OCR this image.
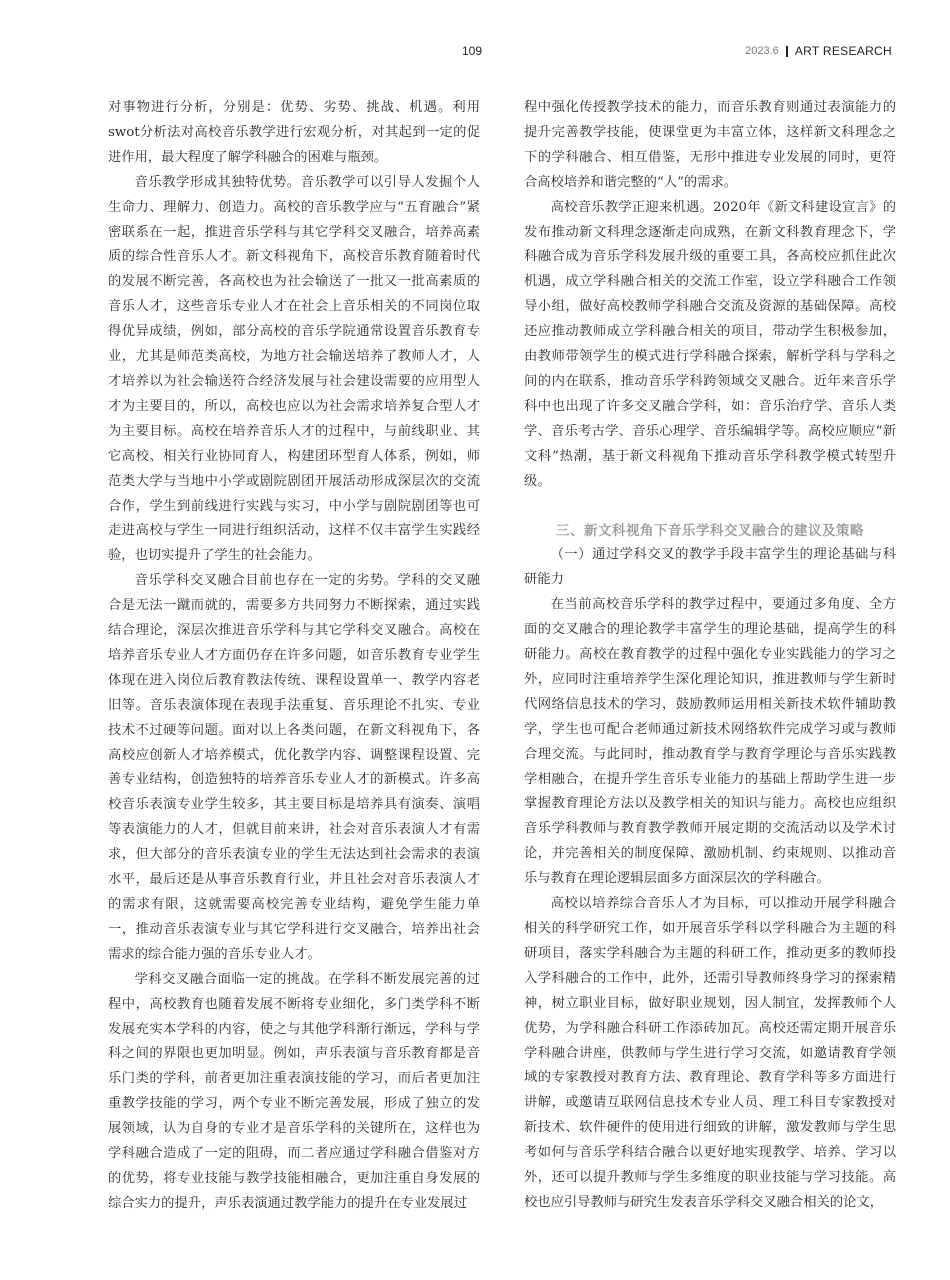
109	2023.6 ART RESEARCH

对事物进行分析，分别是：优势、劣势、挑战、机遇。利用swot分析法对高校音乐教学进行宏观分析，对其起到一定的促进作用，最大程度了解学科融合的困难与瓶颈。

音乐教学形成其独特优势。音乐教学可以引导人发掘个人生命力、理解力、创造力。高校的音乐教学应与“五育融合”紧密联系在一起，推进音乐学科与其它学科交叉融合，培养高素质的综合性音乐人才。新文科视角下，高校音乐教育随着时代的发展不断完善，各高校也为社会输送了一批又一批高素质的音乐人才，这些音乐专业人才在社会上音乐相关的不同岗位取得优异成绩，例如，部分高校的音乐学院通常设置音乐教育专业，尤其是师范类高校，为地方社会输送培养了教师人才，人才培养以为社会输送符合经济发展与社会建设需要的应用型人才为主要目的，所以，高校也应以为社会需求培养复合型人才为主要目标。高校在培养音乐人才的过程中，与前线职业、其它高校、相关行业协同育人，构建团环型育人体系，例如，师范类大学与当地中小学或剧院剧团开展活动形成深层次的交流合作，学生到前线进行实践与实习，中小学与剧院剧团等也可走进高校与学生一同进行组织活动，这样不仅丰富学生实践经验，也切实提升了学生的社会能力。

音乐学科交叉融合目前也存在一定的劣势。学科的交叉融合是无法一蹴而就的，需要多方共同努力不断探索，通过实践结合理论，深层次推进音乐学科与其它学科交叉融合。高校在培养音乐专业人才方面仍存在许多问题，如音乐教育专业学生体现在进入岗位后教育教法传统、课程设置单一、教学内容老旧等。音乐表演体现在表现手法重复、音乐理论不扎实、专业技术不过硬等问题。面对以上各类问题，在新文科视角下，各高校应创新人才培养模式，优化教学内容、调整课程设置、完善专业结构，创造独特的培养音乐专业人才的新模式。许多高校音乐表演专业学生较多，其主要目标是培养具有演奏、演唱等表演能力的人才，但就目前来讲，社会对音乐表演人才有需求，但大部分的音乐表演专业的学生无法达到社会需求的表演水平，最后还是从事音乐教育行业，并且社会对音乐表演人才的需求有限，这就需要高校完善专业结构，避免学生能力单一，推动音乐表演专业与其它学科进行交叉融合，培养出社会需求的综合能力强的音乐专业人才。

学科交叉融合面临一定的挑战。在学科不断发展完善的过程中，高校教育也随着发展不断将专业细化，多门类学科不断发展充实本学科的内容，使之与其他学科渐行渐远，学科与学科之间的界限也更加明显。例如，声乐表演与音乐教育都是音乐门类的学科，前者更加注重表演技能的学习，而后者更加注重教学技能的学习，两个专业不断完善发展，形成了独立的发展领域，认为自身的专业才是音乐学科的关键所在，这样也为学科融合造成了一定的阻碍，而二者应通过学科融合借鉴对方的优势，将专业技能与教学技能相融合，更加注重自身发展的综合实力的提升，声乐表演通过教学能力的提升在专业发展过

程中强化传授教学技术的能力，而音乐教育则通过表演能力的提升完善教学技能，使课堂更为丰富立体，这样新文科理念之下的学科融合、相互借鉴，无形中推进专业发展的同时，更符合高校培养和谐完整的“人”的需求。

高校音乐教学正迎来机遇。2020年《新文科建设宣言》的发布推动新文科理念逐渐走向成熟，在新文科教育理念下，学科融合成为音乐学科发展升级的重要工具，各高校应抓住此次机遇，成立学科融合相关的交流工作室，设立学科融合工作领导小组，做好高校教师学科融合交流及资源的基础保障。高校还应推动教师成立学科融合相关的项目，带动学生积极参加，由教师带领学生的模式进行学科融合探索，解析学科与学科之间的内在联系，推动音乐学科跨领域交叉融合。近年来音乐学科中也出现了许多交叉融合学科，如：音乐治疗学、音乐人类学、音乐考古学、音乐心理学、音乐编辑学等。高校应顺应“新文科”热潮，基于新文科视角下推动音乐学科教学模式转型升级。

三、新文科视角下音乐学科交叉融合的建议及策略

（一）通过学科交叉的教学手段丰富学生的理论基础与科研能力

在当前高校音乐学科的教学过程中，要通过多角度、全方面的交叉融合的理论教学丰富学生的理论基础，提高学生的科研能力。高校在教育教学的过程中强化专业实践能力的学习之外，应同时注重培养学生深化理论知识，推进教师与学生新时代网络信息技术的学习，鼓励教师运用相关新技术软件辅助教学，学生也可配合老师通过新技术网络软件完成学习或与教师合理交流。与此同时，推动教育学与教育学理论与音乐实践教学相融合，在提升学生音乐专业能力的基础上帮助学生进一步掌握教育理论方法以及教学相关的知识与能力。高校也应组织音乐学科教师与教育教学教师开展定期的交流活动以及学术讨论，并完善相关的制度保障、激励机制、约束规则、以推动音乐与教育在理论逻辑层面多方面深层次的学科融合。

高校以培养综合音乐人才为目标，可以推动开展学科融合相关的科学研究工作，如开展音乐学科以学科融合为主题的科研项目，落实学科融合为主题的科研工作，推动更多的教师投入学科融合的工作中，此外，还需引导教师终身学习的探索精神，树立职业目标，做好职业规划，因人制宜，发挥教师个人优势，为学科融合科研工作添砖加瓦。高校还需定期开展音乐学科融合讲座，供教师与学生进行学习交流，如邀请教育学领域的专家教授对教育方法、教育理论、教育学科等多方面进行讲解，或邀请互联网信息技术专业人员、理工科目专家教授对新技术、软件硬件的使用进行细致的讲解，激发教师与学生思考如何与音乐学科结合融合以更好地实现教学、培养、学习以外，还可以提升教师与学生多维度的职业技能与学习技能。高校也应引导教师与研究生发表音乐学科交叉融合相关的论文，
